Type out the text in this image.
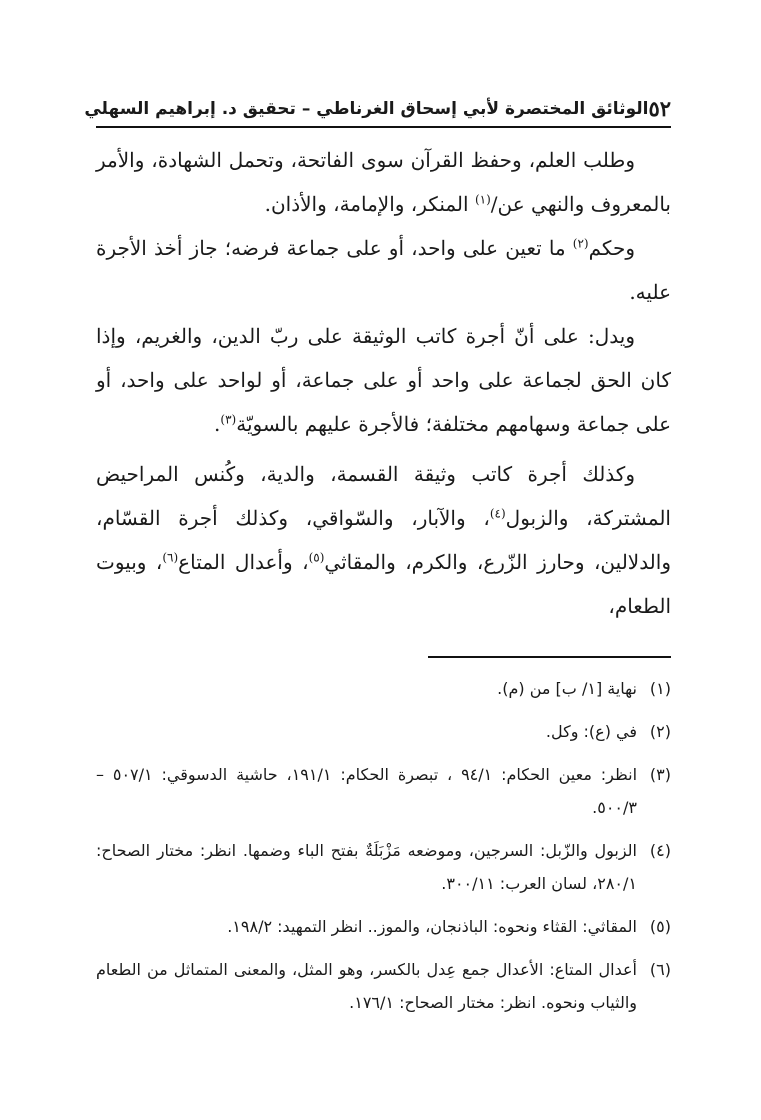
٥٢
الوثائق المختصرة لأبي إسحاق الغرناطي – تحقيق د. إبراهيم السهلي

وطلب العلم، وحفظ القرآن سوى الفاتحة، وتحمل الشهادة، والأمر بالمعروف والنهي عن/$^{(١)}$ المنكر، والإمامة، والأذان.

وحكم$^{(٢)}$ ما تعين على واحد، أو على جماعة فرضه؛ جاز أخذ الأجرة عليه.

ويدل: على أنّ أجرة كاتب الوثيقة على ربّ الدين، والغريم، وإذا كان الحق لجماعة على واحد أو على جماعة، أو لواحد على واحد، أو على جماعة وسهامهم مختلفة؛ فالأجرة عليهم بالسويّة$^{(٣)}$.

وكذلك أجرة كاتب وثيقة القسمة، والدية، وكُنس المراحيض المشتركة، والزبول$^{(٤)}$، والآبار، والسّواقي، وكذلك أجرة القسّام، والدلالين، وحارز الزّرع، والكرم، والمقاثي$^{(٥)}$، وأعدال المتاع$^{(٦)}$، وبيوت الطعام،

(١)
نهاية [١/ ب] من (م).
(٢)
في (ع): وكل.
(٣)
انظر: معين الحكام: ٩٤/١ ، تبصرة الحكام: ١٩١/١، حاشية الدسوقي: ٥٠٧/١ –٥٠٠/٣.
(٤)
الزبول والزّبل: السرجين، وموضعه مَزْبَلَةٌ بفتح الباء وضمها. انظر: مختار الصحاح: ٢٨٠/١، لسان العرب: ٣٠٠/١١.
(٥)
المقاثي: القثاء ونحوه: الباذنجان، والموز.. انظر التمهيد: ١٩٨/٢.
(٦)
أعدال المتاع: الأعدال جمع عِدل بالكسر، وهو المثل، والمعنى المتماثل من الطعام والثياب ونحوه. انظر: مختار الصحاح: ١٧٦/١.
